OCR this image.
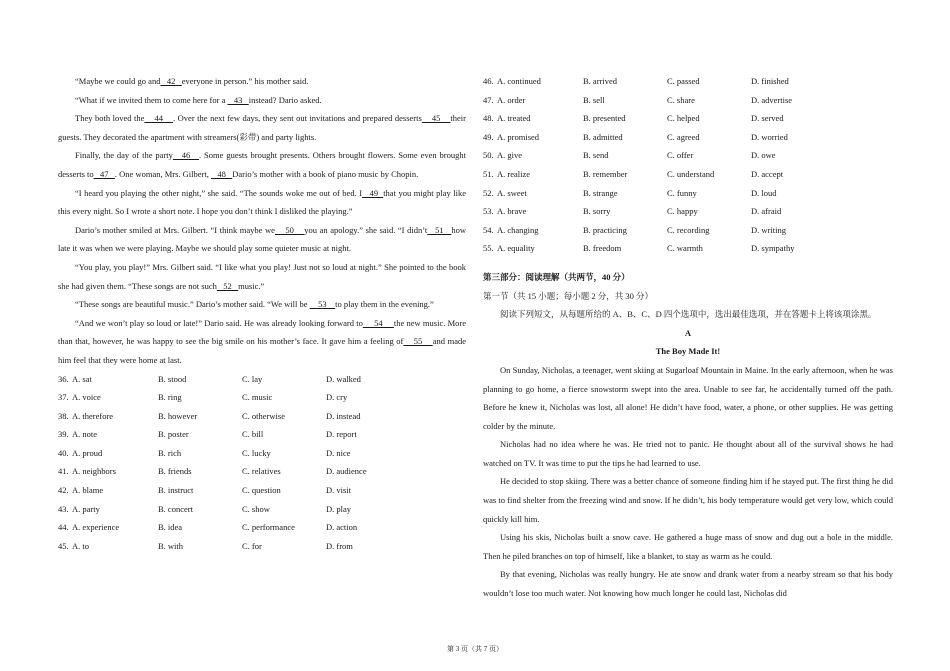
“Maybe we could go and   42   everyone in person.” his mother said.

“What if we invited them to come here for a    43   instead? Dario asked.

They both loved the    44    . Over the next few days, they sent out invitations and prepared desserts    45    their guests. They decorated the apartment with streamers(彩带) and party lights.

Finally, the day of the party   46   . Some guests brought presents. Others brought flowers. Some even brought desserts to   47   . One woman, Mrs. Gilbert,    48   Dario’s mother with a book of piano music by Chopin.

“I heard you playing the other night,” she said. “The sounds woke me out of bed. I   49  that you might play like this every night. So I wrote a short note. I hope you don’t think I disliked the playing.”

Dario’s mother smiled at Mrs. Gilbert. “I think maybe we    50    you an apology.” she said. “I didn’t   51   how late it was when we were playing. Maybe we should play some quieter music at night.

“You play, you play!” Mrs. Gilbert said. “I like what you play! Just not so loud at night.” She pointed to the book she had given them. “These songs are not such   52   music.”

“These songs are beautiful music.” Dario’s mother said. “We will be     53    to play them in the evening.”

“And we won’t play so loud or late!” Dario said. He was already looking forward to     54     the new music. More than that, however, he was happy to see the big smile on his mother’s face. It gave him a feeling of    55    and made him feel that they were home at last.

36. A. sat	B. stood	C. lay	D. walked
37. A. voice	B. ring	C. music	D. cry
38. A. therefore	B. however	C. otherwise	D. instead
39. A. note	B. poster	C. bill	D. report
40. A. proud	B. rich	C. lucky	D. nice
41. A. neighbors	B. friends	C. relatives	D. audience
42. A. blame	B. instruct	C. question	D. visit
43. A. party	B. concert	C. show	D. play
44. A. experience	B. idea	C. performance	D. action
45. A. to	B. with	C. for	D. from
46. A. continued	B. arrived	C. passed	D. finished
47. A. order	B. sell	C. share	D. advertise
48. A. treated	B. presented	C. helped	D. served
49. A. promised	B. admitted	C. agreed	D. worried
50. A. give	B. send	C. offer	D. owe
51. A. realize	B. remember	C. understand	D. accept
52. A. sweet	B. strange	C. funny	D. loud
53. A. brave	B. sorry	C. happy	D. afraid
54. A. changing	B. practicing	C. recording	D. writing
55. A. equality	B. freedom	C. warmth	D. sympathy
第三部分：阅读理解（共两节，40 分）
第一节（共 15 小题；每小题 2 分，共 30 分）
阅读下列短文，从每题所给的 A、B、C、D 四个选项中，选出最佳选项，并在答题卡上将该项涂黑。
A
The Boy Made It!

On Sunday, Nicholas, a teenager, went skiing at Sugarloaf Mountain in Maine. In the early afternoon, when he was planning to go home, a fierce snowstorm swept into the area. Unable to see far, he accidentally turned off the path. Before he knew it, Nicholas was lost, all alone! He didn’t have food, water, a phone, or other supplies. He was getting colder by the minute.

Nicholas had no idea where he was. He tried not to panic. He thought about all of the survival shows he had watched on TV. It was time to put the tips he had learned to use.

He decided to stop skiing. There was a better chance of someone finding him if he stayed put. The first thing he did was to find shelter from the freezing wind and snow. If he didn’t, his body temperature would get very low, which could quickly kill him.

Using his skis, Nicholas built a snow cave. He gathered a huge mass of snow and dug out a hole in the middle. Then he piled branches on top of himself, like a blanket, to stay as warm as he could.

By that evening, Nicholas was really hungry. He ate snow and drank water from a nearby stream so that his body wouldn’t lose too much water. Not knowing how much longer he could last, Nicholas did

第 3 页（共 7 页）
